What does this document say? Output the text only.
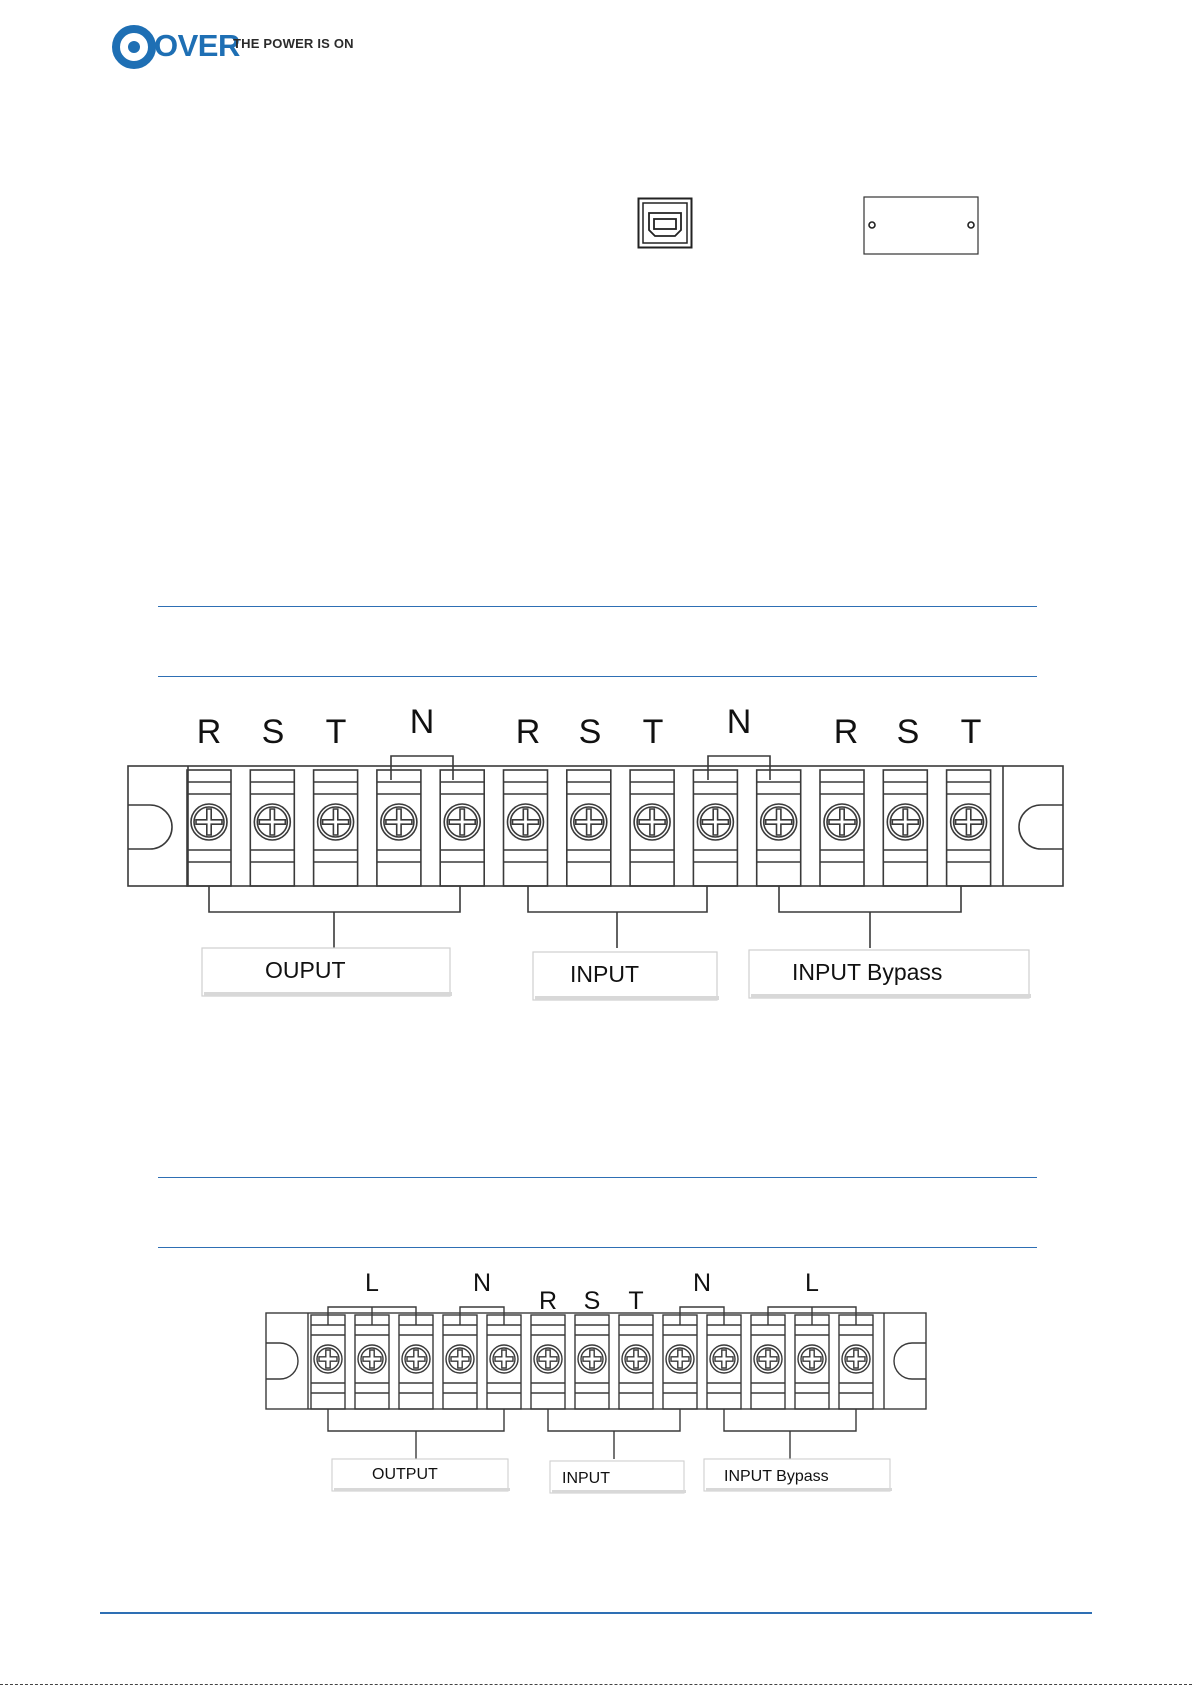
OVER
THE POWER IS ON
R S T N R S T N R S T
OUPUT	INPUT	INPUT Bypass
L	N
R S T
N	L
OUTPUT	INPUT	INPUT Bypass
